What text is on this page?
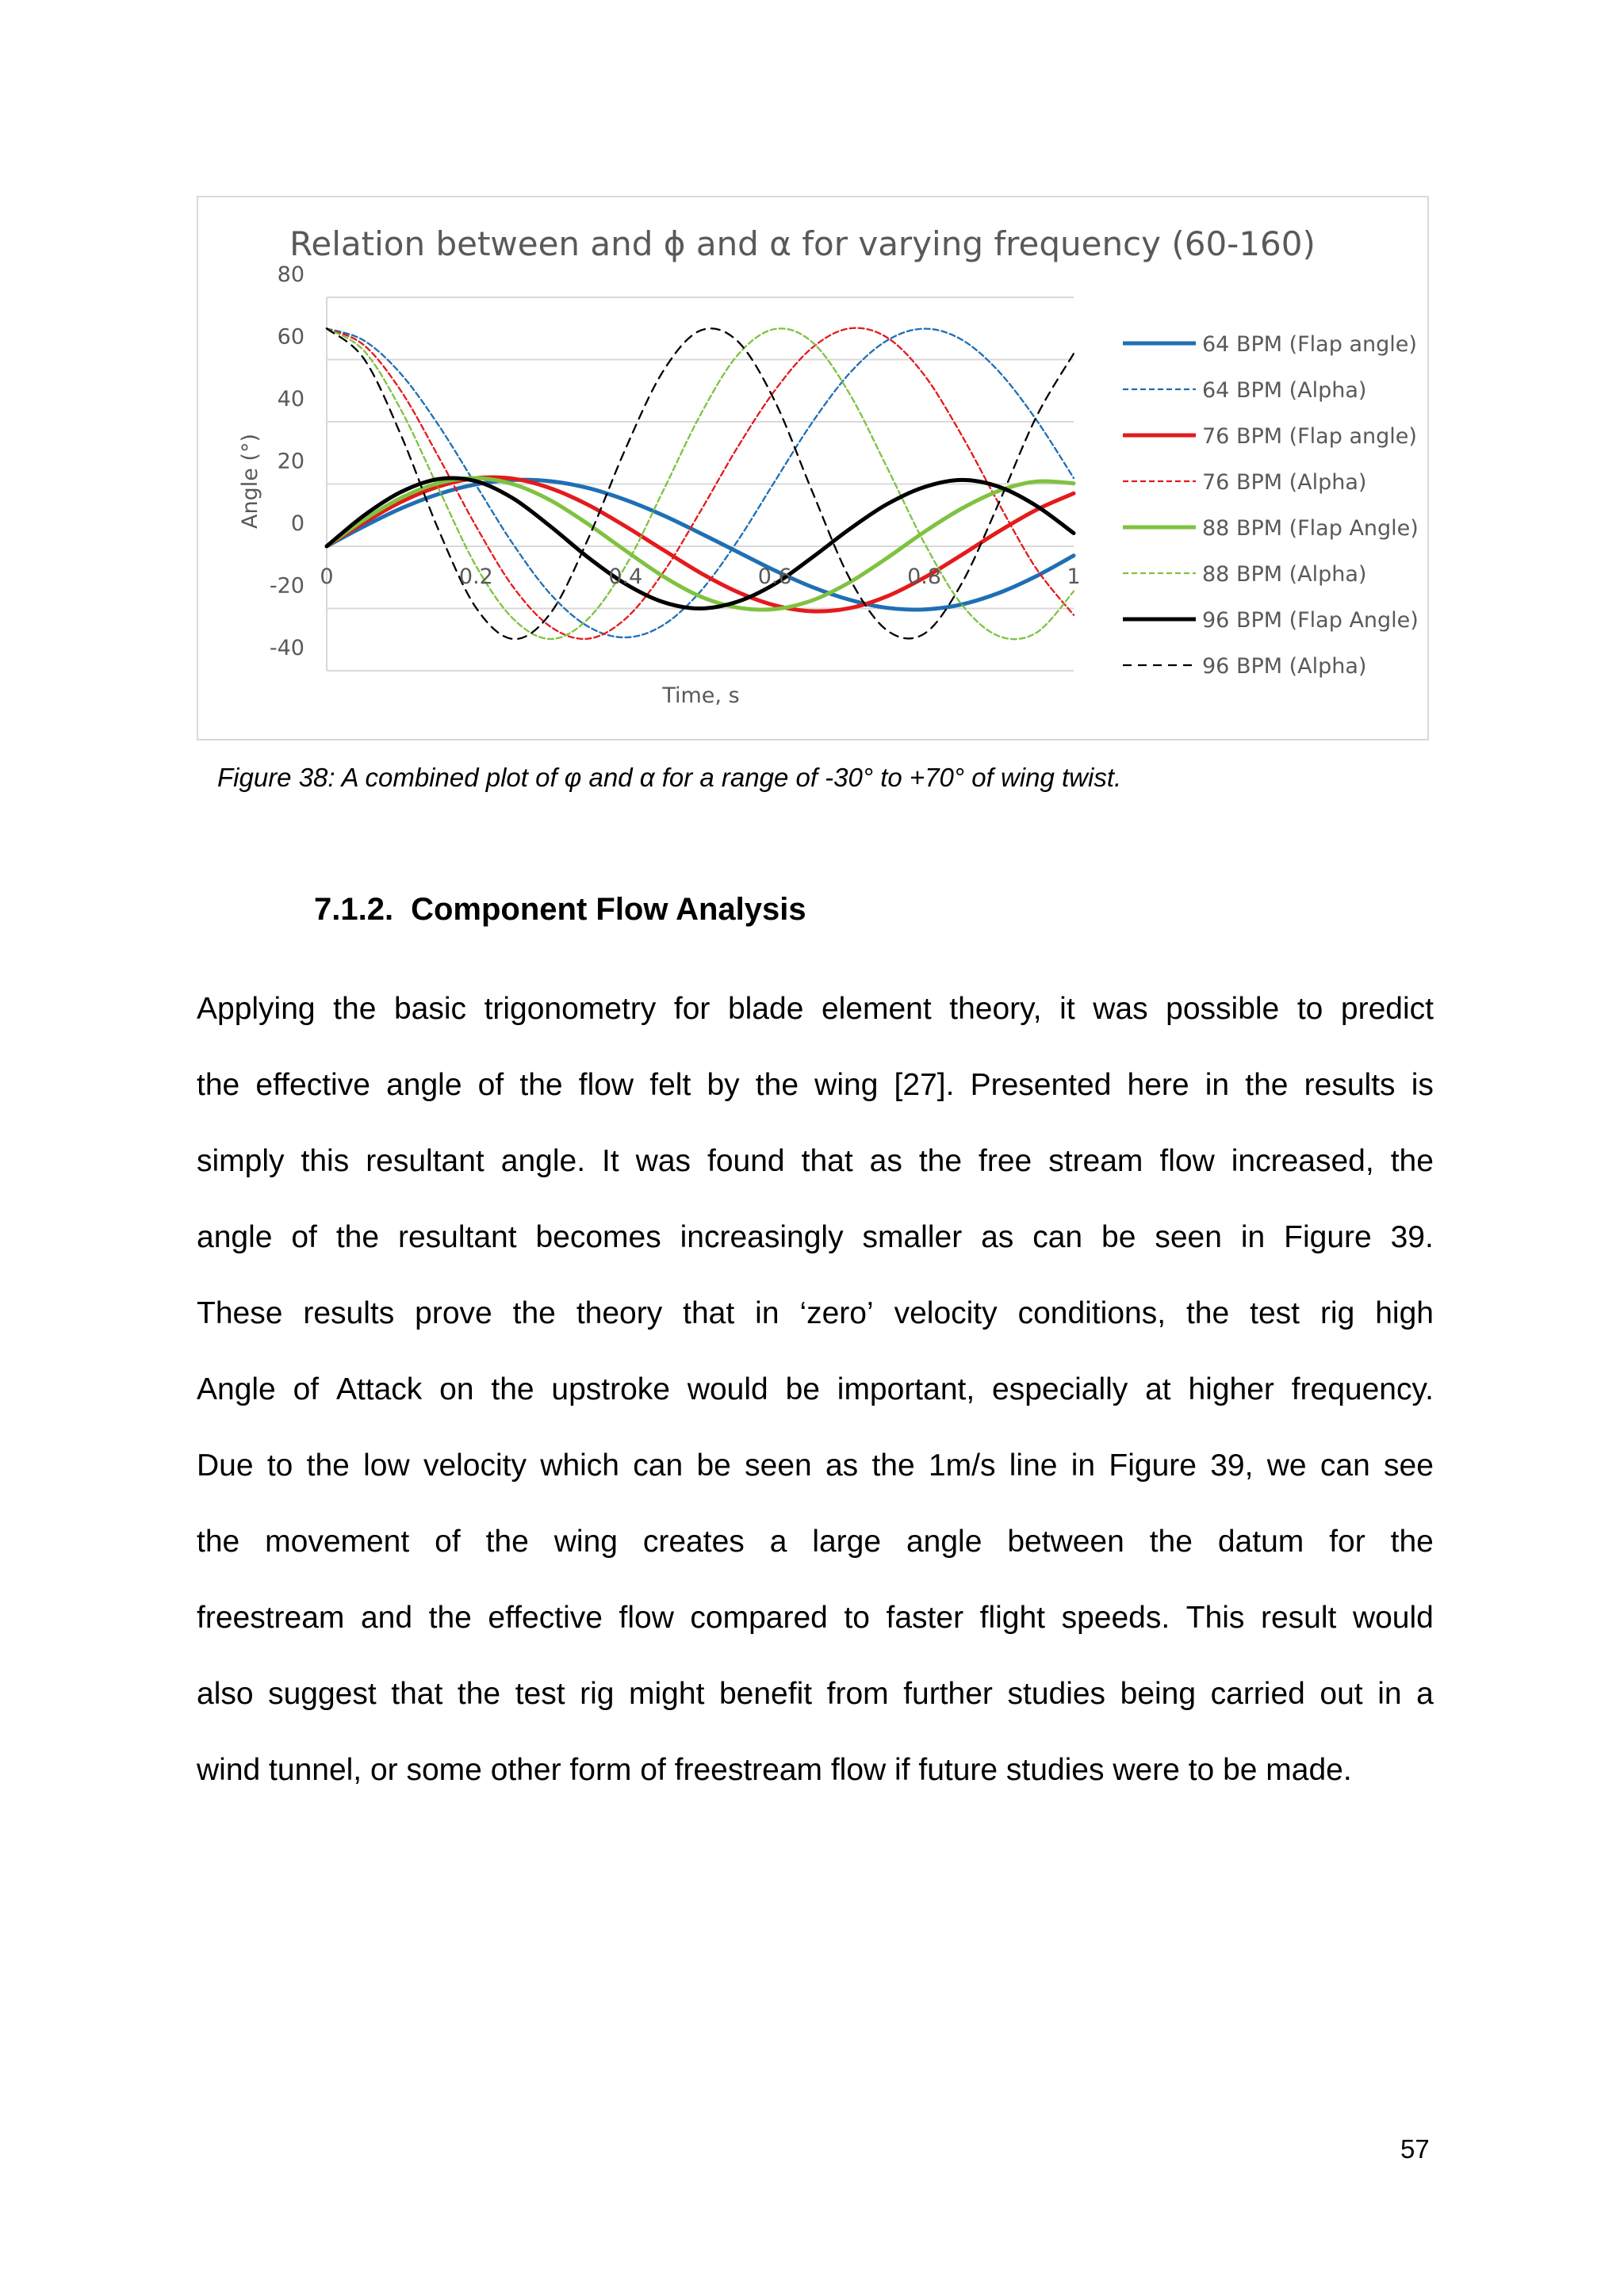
Relation between and ϕ and α for varying frequency (60-160)
80
60
40
20
0
-20
-40
0	0.2	0.4	0.6	0.8	1
Time, s
Angle (°)
64 BPM (Flap angle)
64 BPM (Alpha)
76 BPM (Flap angle)
76 BPM (Alpha)
88 BPM (Flap Angle)
88 BPM (Alpha)
96 BPM (Flap Angle)
96 BPM (Alpha)
Figure 38: A combined plot of φ and α for a range of -30° to +70° of wing twist.
7.1.2. Component Flow Analysis
Applying the basic trigonometry for blade element theory, it was possible to predict
the effective angle of the flow felt by the wing [27]. Presented here in the results is
simply this resultant angle. It was found that as the free stream flow increased, the
angle of the resultant becomes increasingly smaller as can be seen in Figure 39.
These results prove the theory that in ‘zero’ velocity conditions, the test rig high
Angle of Attack on the upstroke would be important, especially at higher frequency.
Due to the low velocity which can be seen as the 1m/s line in Figure 39, we can see
the movement of the wing creates a large angle between the datum for the
freestream and the effective flow compared to faster flight speeds. This result would
also suggest that the test rig might benefit from further studies being carried out in a
wind tunnel, or some other form of freestream flow if future studies were to be made.
57
